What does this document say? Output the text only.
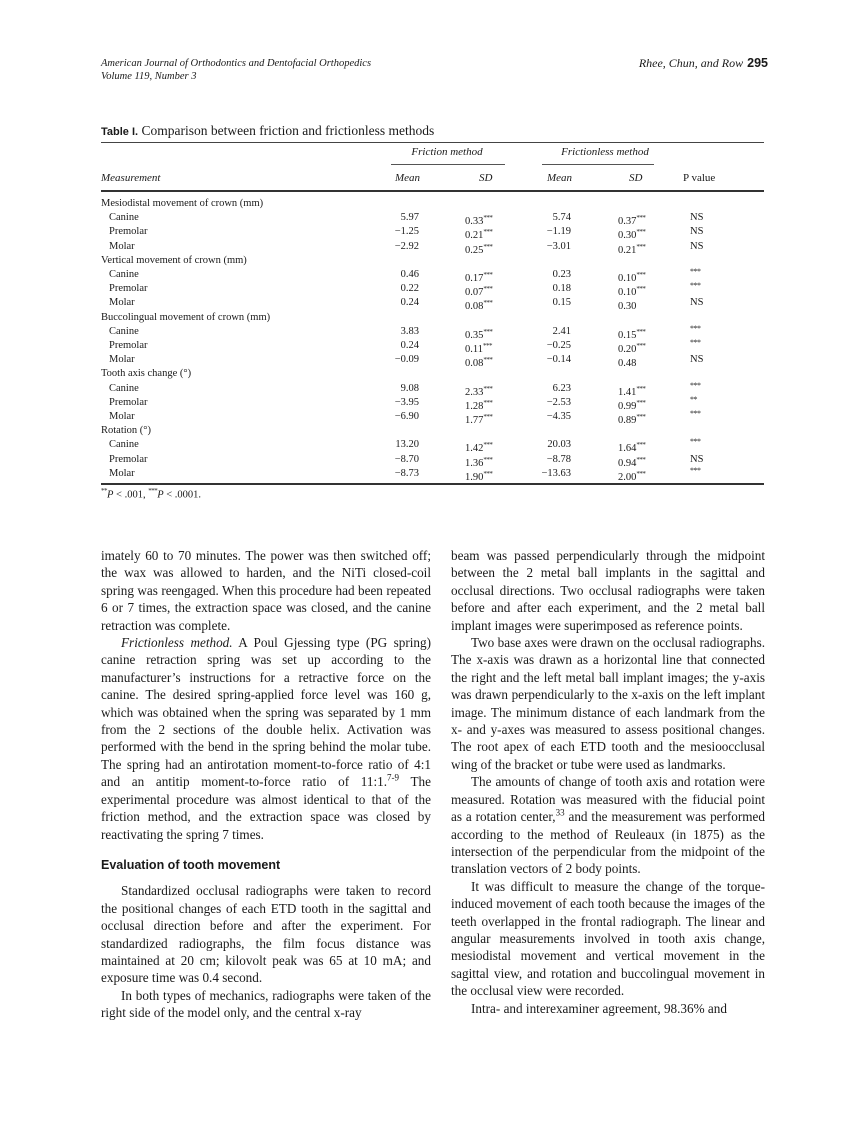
American Journal of Orthodontics and Dentofacial Orthopedics
Volume 119, Number 3
Rhee, Chun, and Row 295
Table I. Comparison between friction and frictionless methods
Friction method	Frictionless method
Measurement	Mean	SD	Mean	SD	P value
Mesiodistal movement of crown (mm)
Canine	5.97	0.33***	5.74	0.37***	NS
Premolar	−1.25	0.21***	−1.19	0.30***	NS
Molar	−2.92	0.25***	−3.01	0.21***	NS
Vertical movement of crown (mm)
Canine	0.46	0.17***	0.23	0.10***	***
Premolar	0.22	0.07***	0.18	0.10***	***
Molar	0.24	0.08***	0.15	0.30	NS
Buccolingual movement of crown (mm)
Canine	3.83	0.35***	2.41	0.15***	***
Premolar	0.24	0.11***	−0.25	0.20***	***
Molar	−0.09	0.08***	−0.14	0.48	NS
Tooth axis change (°)
Canine	9.08	2.33***	6.23	1.41***	***
Premolar	−3.95	1.28***	−2.53	0.99***	**
Molar	−6.90	1.77***	−4.35	0.89***	***
Rotation (°)
Canine	13.20	1.42***	20.03	1.64***	***
Premolar	−8.70	1.36***	−8.78	0.94***	NS
Molar	−8.73	1.90***	−13.63	2.00***	***
**P < .001, ***P < .0001.

imately 60 to 70 minutes. The power was then switched off; the wax was allowed to harden, and the NiTi closed-coil spring was reengaged. When this procedure had been repeated 6 or 7 times, the extraction space was closed, and the canine retraction was complete.

Frictionless method. A Poul Gjessing type (PG spring) canine retraction spring was set up according to the manufacturer’s instructions for a retractive force on the canine. The desired spring-applied force level was 160 g, which was obtained when the spring was separated by 1 mm from the 2 sections of the double helix. Activation was performed with the bend in the spring behind the molar tube. The spring had an antirotation moment-to-force ratio of 4:1 and an antitip moment-to-force ratio of 11:1.$^{7-9}$ The experimental procedure was almost identical to that of the friction method, and the extraction space was closed by reactivating the spring 7 times.

Evaluation of tooth movement

Standardized occlusal radiographs were taken to record the positional changes of each ETD tooth in the sagittal and occlusal direction before and after the experiment. For standardized radiographs, the film focus distance was maintained at 20 cm; kilovolt peak was 65 at 10 mA; and exposure time was 0.4 second.

In both types of mechanics, radiographs were taken of the right side of the model only, and the central x-ray

beam was passed perpendicularly through the midpoint between the 2 metal ball implants in the sagittal and occlusal directions. Two occlusal radiographs were taken before and after each experiment, and the 2 metal ball implant images were superimposed as reference points.

Two base axes were drawn on the occlusal radiographs. The x-axis was drawn as a horizontal line that connected the right and the left metal ball implant images; the y-axis was drawn perpendicularly to the x-axis on the left implant image. The minimum distance of each landmark from the x- and y-axes was measured to assess positional changes. The root apex of each ETD tooth and the mesioocclusal wing of the bracket or tube were used as landmarks.

The amounts of change of tooth axis and rotation were measured. Rotation was measured with the fiducial point as a rotation center,$^{33}$ and the measurement was performed according to the method of Reuleaux (in 1875) as the intersection of the perpendicular from the midpoint of the translation vectors of 2 body points.

It was difficult to measure the change of the torque-induced movement of each tooth because the images of the teeth overlapped in the frontal radiograph. The linear and angular measurements involved in tooth axis change, mesiodistal movement and vertical movement in the sagittal view, and rotation and buccolingual movement in the occlusal view were recorded.

Intra- and interexaminer agreement, 98.36% and
